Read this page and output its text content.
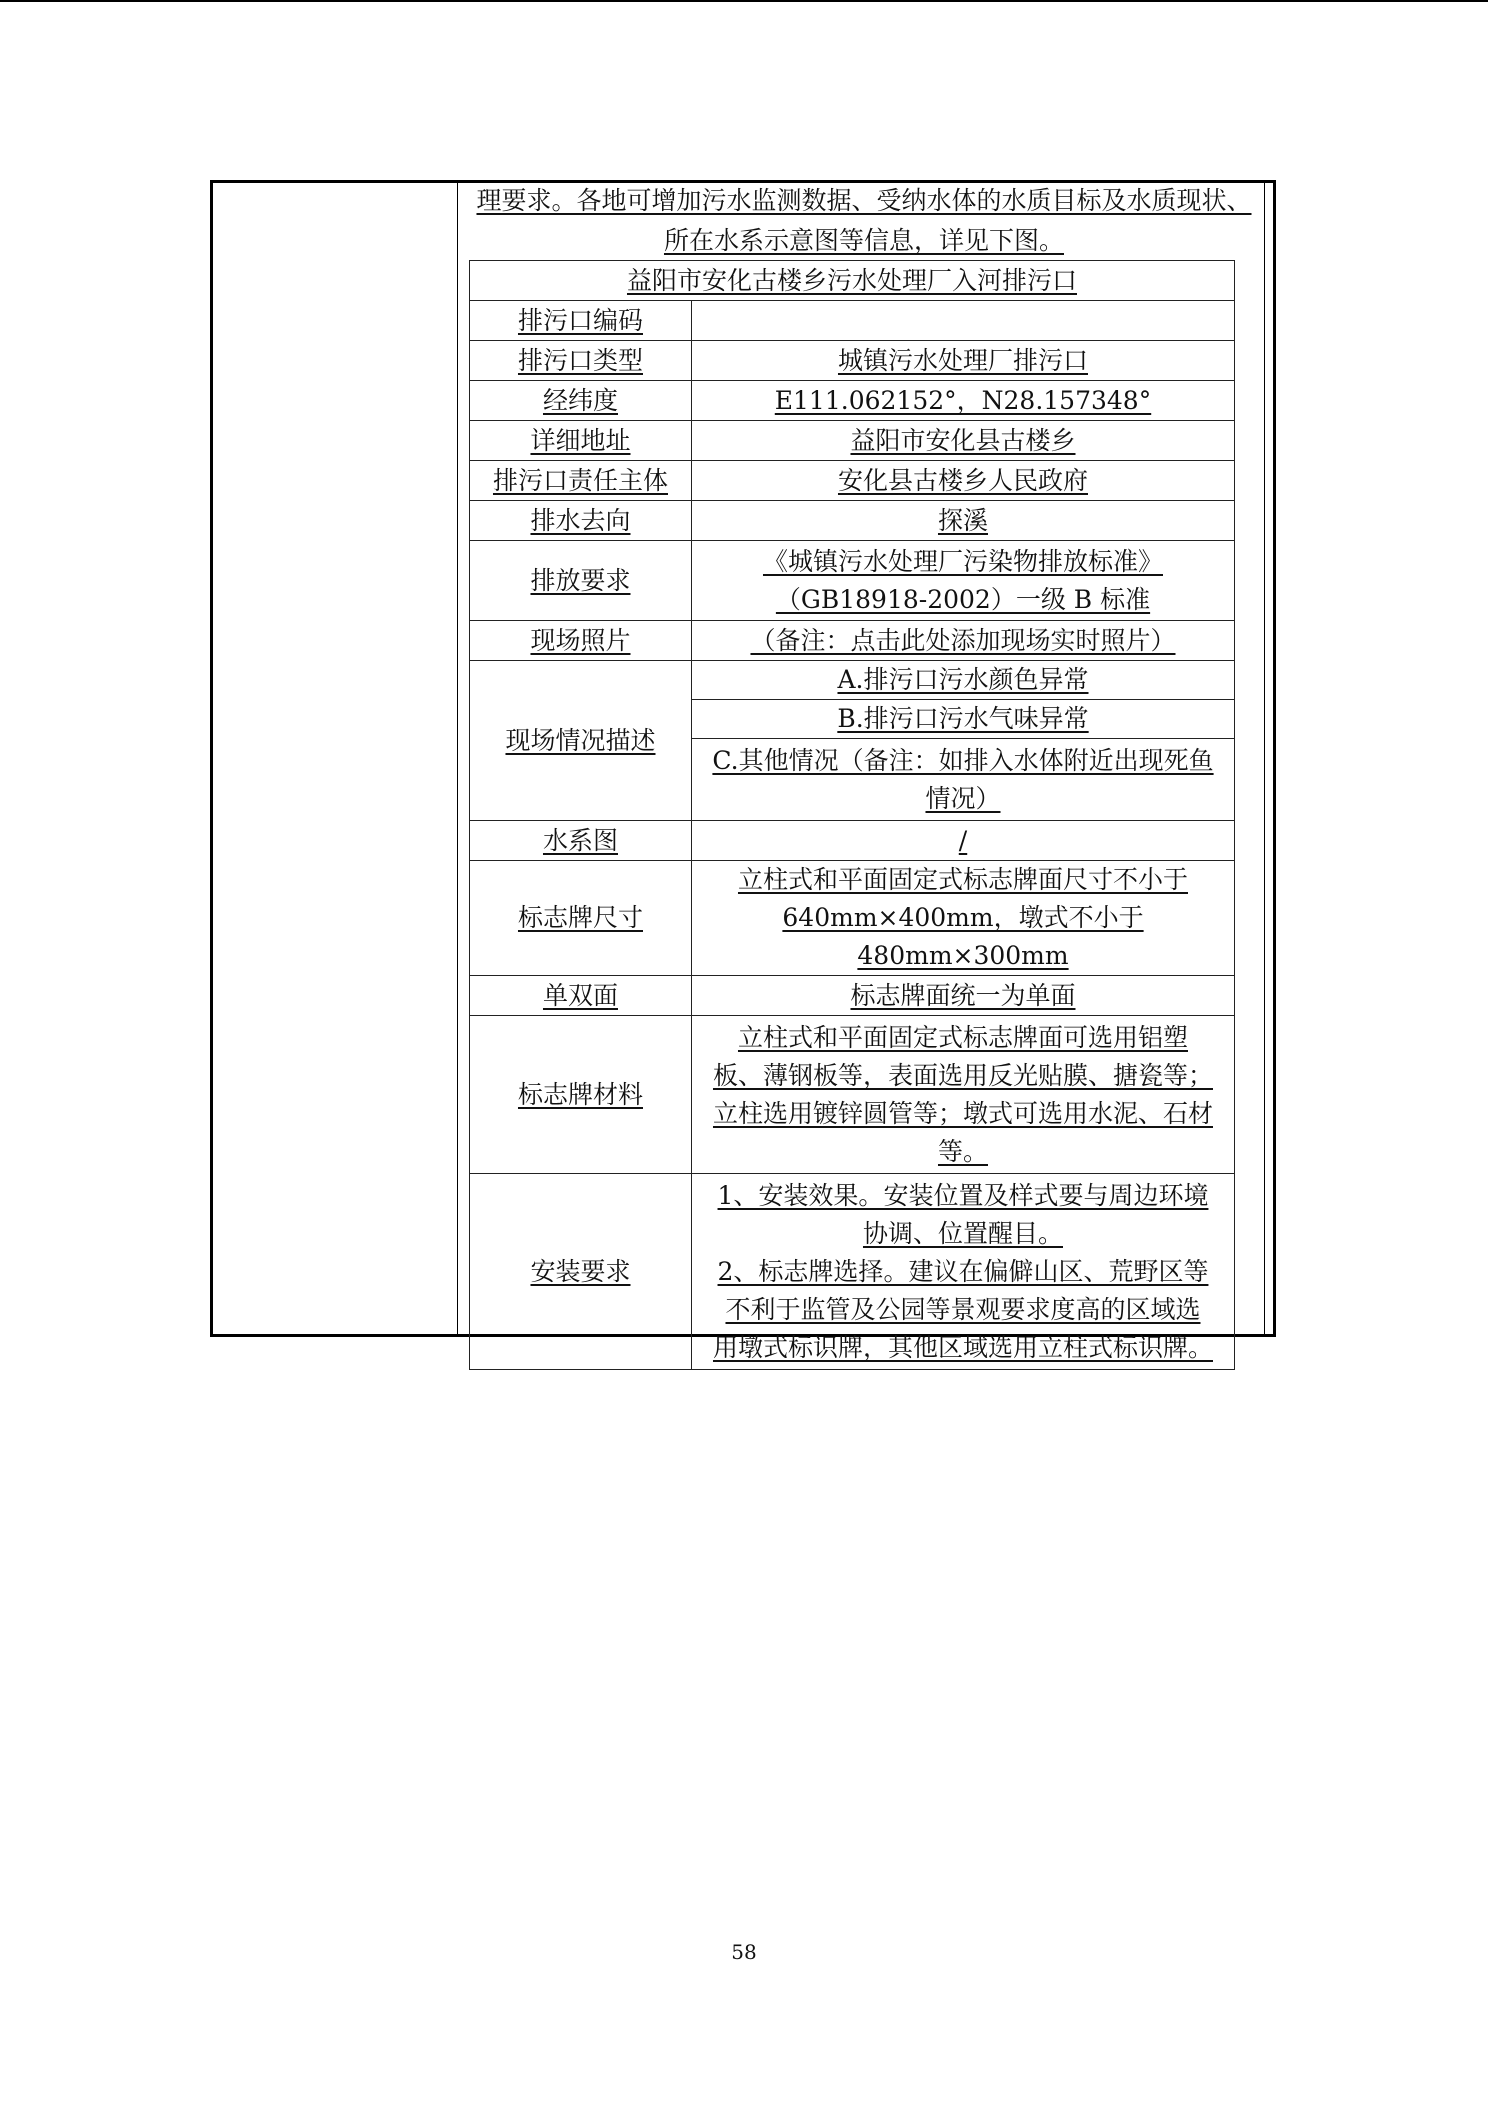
理要求。各地可增加污水监测数据、受纳水体的水质目标及水质现状、
所在水系示意图等信息，详见下图。
益阳市安化古楼乡污水处理厂入河排污口	
排污口编码	
排污口类型	城镇污水处理厂排污口
经纬度	E111.062152°，N28.157348°
详细地址	益阳市安化县古楼乡
排污口责任主体	安化县古楼乡人民政府
排水去向	探溪
排放要求	《城镇污水处理厂污染物排放标准》
（GB18918-2002）一级 B 标准

现场照片	（备注：点击此处添加现场实时照片）
现场情况描述	A.排污口污水颜色异常
	B.排污口污水气味异常

	C.其他情况（备注：如排入水体附近出现死鱼
情况）

水系图	/
标志牌尺寸	立柱式和平面固定式标志牌面尺寸不小于
640mm×400mm，墩式不小于 480mm×300mm

单双面	标志牌面统一为单面
标志牌材料	立柱式和平面固定式标志牌面可选用铝塑
板、薄钢板等，表面选用反光贴膜、搪瓷等；
立柱选用镀锌圆管等；墩式可选用水泥、石材
等。

安装要求	1、安装效果。安装位置及样式要与周边环境
协调、位置醒目。
2、标志牌选择。建议在偏僻山区、荒野区等
不利于监管及公园等景观要求度高的区域选
用墩式标识牌，其他区域选用立柱式标识牌。
58
